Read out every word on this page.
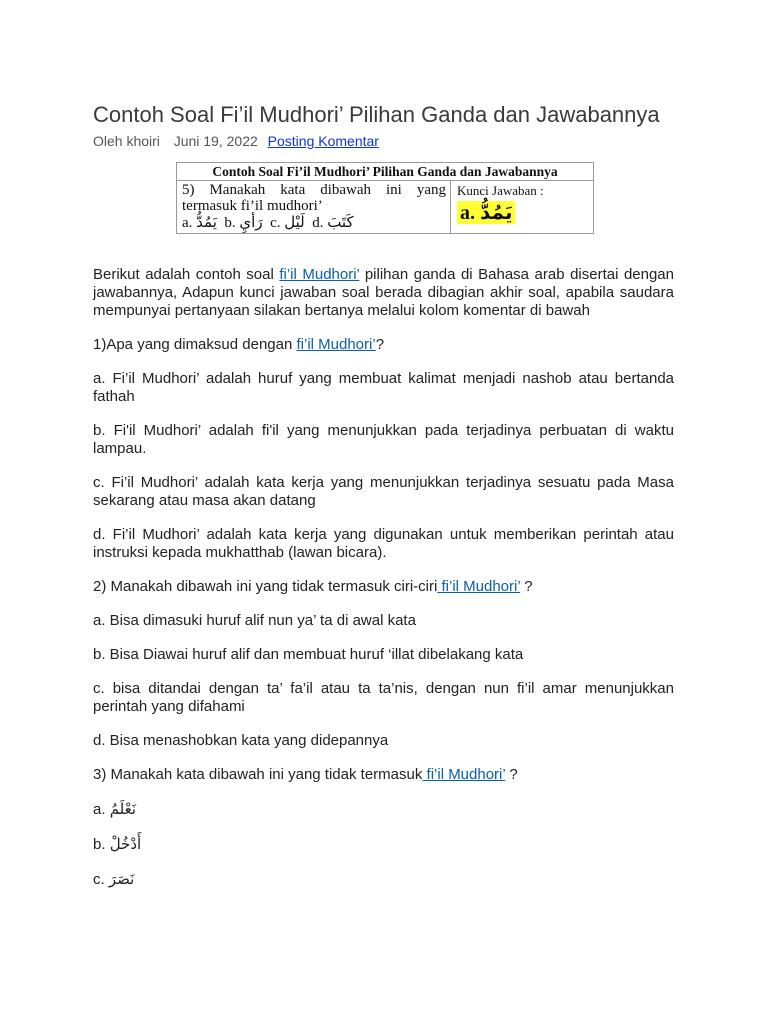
Contoh Soal Fi’il Mudhori’ Pilihan Ganda dan Jawabannya
Oleh khoiri Juni 19, 2022 Posting Komentar
Contoh Soal Fi’il Mudhori’ Pilihan Ganda dan Jawabannya
5) Manakah kata dibawah ini yang termasuk fi’il mudhori’
a. يَمُدُّ b. رَأيِ c. لَيْل d. كَتَبَ
Kunci Jawaban :
a. يَمُدُّ

Berikut adalah contoh soal fi’il Mudhori’ pilihan ganda di Bahasa arab disertai dengan jawabannya, Adapun kunci jawaban soal berada dibagian akhir soal, apabila saudara mempunyai pertanyaan silakan bertanya melalui kolom komentar di bawah

1)Apa yang dimaksud dengan fi’il Mudhori’?

a. Fi’il Mudhori’ adalah huruf yang membuat kalimat menjadi nashob atau bertanda fathah

b. Fi'il Mudhori’ adalah fi'il yang menunjukkan pada terjadinya perbuatan di waktu lampau.

c. Fi’il Mudhori’ adalah kata kerja yang menunjukkan terjadinya sesuatu pada Masa sekarang atau masa akan datang

d. Fi’il Mudhori’ adalah kata kerja yang digunakan untuk memberikan perintah atau instruksi kepada mukhatthab (lawan bicara).

2) Manakah dibawah ini yang tidak termasuk ciri-ciri fi’il Mudhori’ ?

a. Bisa dimasuki huruf alif nun ya’ ta di awal kata

b. Bisa Diawai huruf alif dan membuat huruf ‘illat dibelakang kata

c. bisa ditandai dengan ta’ fa’il atau ta ta’nis, dengan nun fi’il amar menunjukkan perintah yang difahami

d. Bisa menashobkan kata yang didepannya

3) Manakah kata dibawah ini yang tidak termasuk fi’il Mudhori’ ?

a. نَعْلَمُ

b. أَدْخُلْ

c. نَصَرَ
